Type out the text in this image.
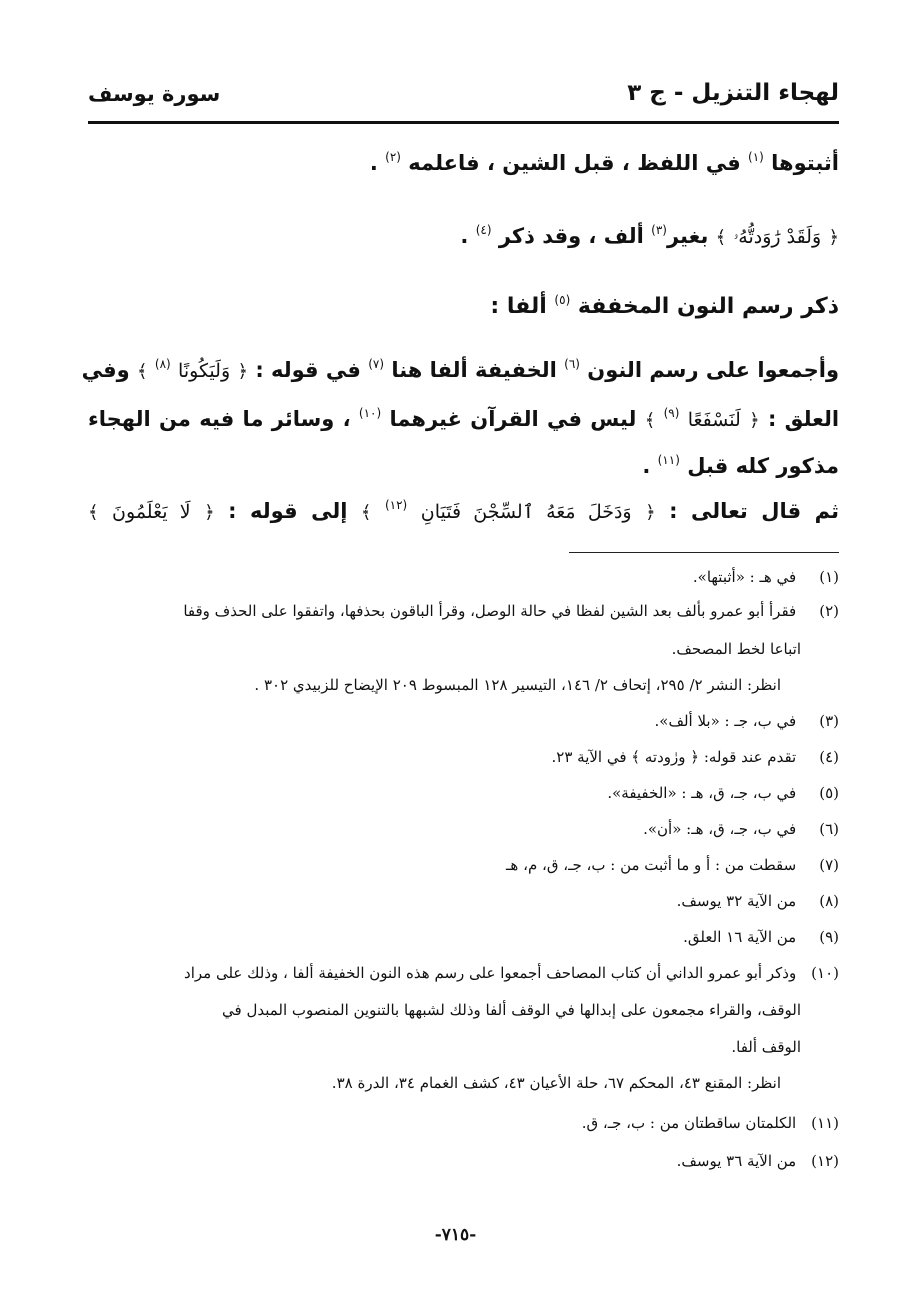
لهجاء التنزيل - ج ٣
سورة يوسف
أثبتوها $^{(١)}$ في اللفظ ، قبل الشين ، فاعلمه $^{(٢)}$ .
﴿ وَلَقَدْ رَٰوَدتُّهُۥ ﴾ بغير$^{(٣)}$ ألف ، وقد ذكر $^{(٤)}$ .
ذكر رسم النون المخففة $^{(٥)}$ ألفا :
وأجمعوا على رسم النون $^{(٦)}$ الخفيفة ألفا هنا $^{(٧)}$ في قوله : ﴿ وَلَيَكُونًا $^{(٨)}$ ﴾ وفي
العلق : ﴿ لَنَسْفَعًا $^{(٩)}$ ﴾ ليس في القرآن غيرهما $^{(١٠)}$ ، وسائر ما فيه من الهجاء
مذكور كله قبل $^{(١١)}$ .
ثم قال تعالى : ﴿ وَدَخَلَ مَعَهُ ٱلسِّجْنَ فَتَيَانِ $^{(١٢)}$ ﴾ إلى قوله : ﴿ لَا يَعْلَمُونَ ﴾
(١) في هـ : «أثبتها».
(٢) فقرأ أبو عمرو بألف بعد الشين لفظا في حالة الوصل، وقرأ الباقون بحذفها، واتفقوا على الحذف وقفا
اتباعا لخط المصحف.
انظر: النشر ٢/ ٢٩٥، إتحاف ٢/ ١٤٦، التيسير ١٢٨ المبسوط ٢٠٩ الإيضاح للزبيدي ٣٠٢ .
(٣) في ب، جـ : «بلا ألف».
(٤) تقدم عند قوله: ﴿ ورٰودته ﴾ في الآية ٢٣.
(٥) في ب، جـ، ق، هـ : «الخفيفة».
(٦) في ب، جـ، ق، هـ: «أن».
(٧) سقطت من : أ و ما أثبت من : ب، جـ، ق، م، هـ
(٨) من الآية ٣٢ يوسف.
(٩) من الآية ١٦ العلق.
(١٠) وذكر أبو عمرو الداني أن كتاب المصاحف أجمعوا على رسم هذه النون الخفيفة ألفا ، وذلك على مراد
الوقف، والقراء مجمعون على إبدالها في الوقف ألفا وذلك لشبهها بالتنوين المنصوب المبدل في
الوقف ألفا.
انظر: المقنع ٤٣، المحكم ٦٧، حلة الأعيان ٤٣، كشف الغمام ٣٤، الدرة ٣٨.
(١١) الكلمتان ساقطتان من : ب، جـ، ق.
(١٢) من الآية ٣٦ يوسف.
-٧١٥-
